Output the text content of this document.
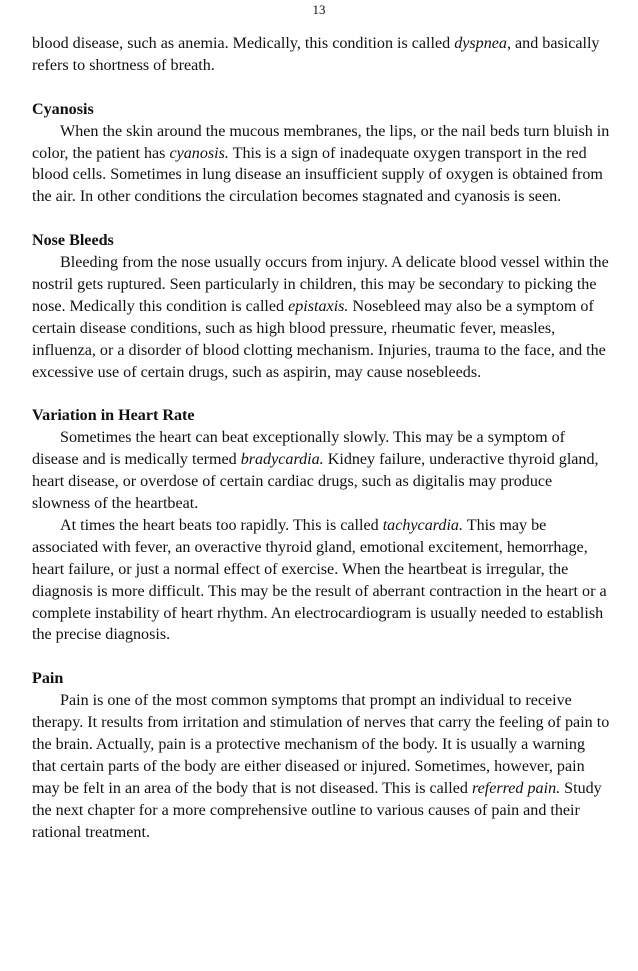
13

blood disease, such as anemia. Medically, this condition is called dyspnea, and basically refers to shortness of breath.

Cyanosis

When the skin around the mucous membranes, the lips, or the nail beds turn bluish in color, the patient has cyanosis. This is a sign of inadequate oxygen transport in the red blood cells. Sometimes in lung disease an insufficient supply of oxygen is obtained from the air. In other conditions the circulation becomes stagnated and cyanosis is seen.

Nose Bleeds

Bleeding from the nose usually occurs from injury. A delicate blood vessel within the nostril gets ruptured. Seen particularly in children, this may be secondary to picking the nose. Medically this condition is called epistaxis. Nosebleed may also be a symptom of certain disease conditions, such as high blood pressure, rheumatic fever, measles, influenza, or a disorder of blood clotting mechanism. Injuries, trauma to the face, and the excessive use of certain drugs, such as aspirin, may cause nosebleeds.

Variation in Heart Rate

Sometimes the heart can beat exceptionally slowly. This may be a symptom of disease and is medically termed bradycardia. Kidney failure, underactive thyroid gland, heart disease, or overdose of certain cardiac drugs, such as digitalis may produce slowness of the heartbeat.

At times the heart beats too rapidly. This is called tachycardia. This may be associated with fever, an overactive thyroid gland, emotional excitement, hemorrhage, heart failure, or just a normal effect of exercise. When the heartbeat is irregular, the diagnosis is more difficult. This may be the result of aberrant contraction in the heart or a complete instability of heart rhythm. An electrocardiogram is usually needed to establish the precise diagnosis.

Pain

Pain is one of the most common symptoms that prompt an individual to receive therapy. It results from irritation and stimulation of nerves that carry the feeling of pain to the brain. Actually, pain is a protective mechanism of the body. It is usually a warning that certain parts of the body are either diseased or injured. Sometimes, however, pain may be felt in an area of the body that is not diseased. This is called referred pain. Study the next chapter for a more comprehensive outline to various causes of pain and their rational treatment.
